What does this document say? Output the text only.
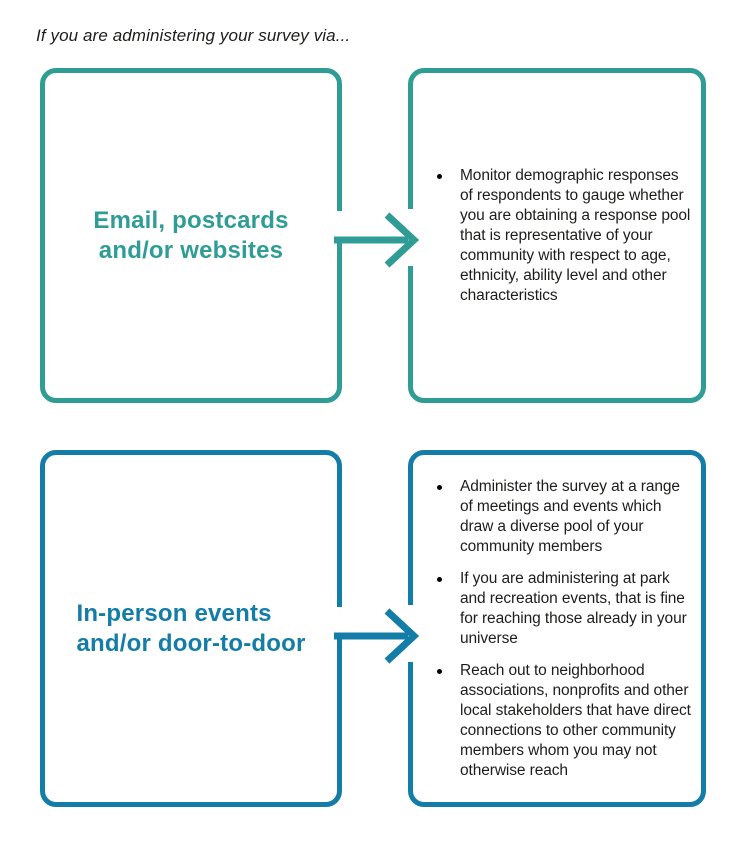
If you are administering your survey via...
Email, postcards
and/or websites
Monitor demographic responses of respondents to gauge whether you are obtaining a response pool that is representative of your community with respect to age, ethnicity, ability level and other characteristics
In-person events
and/or door-to-door
Administer the survey at a range of meetings and events which draw a diverse pool of your community members
If you are administering at park and recreation events, that is fine for reaching those already in your universe
Reach out to neighborhood associations, nonprofits and other local stakeholders that have direct connections to other community members whom you may not otherwise reach
